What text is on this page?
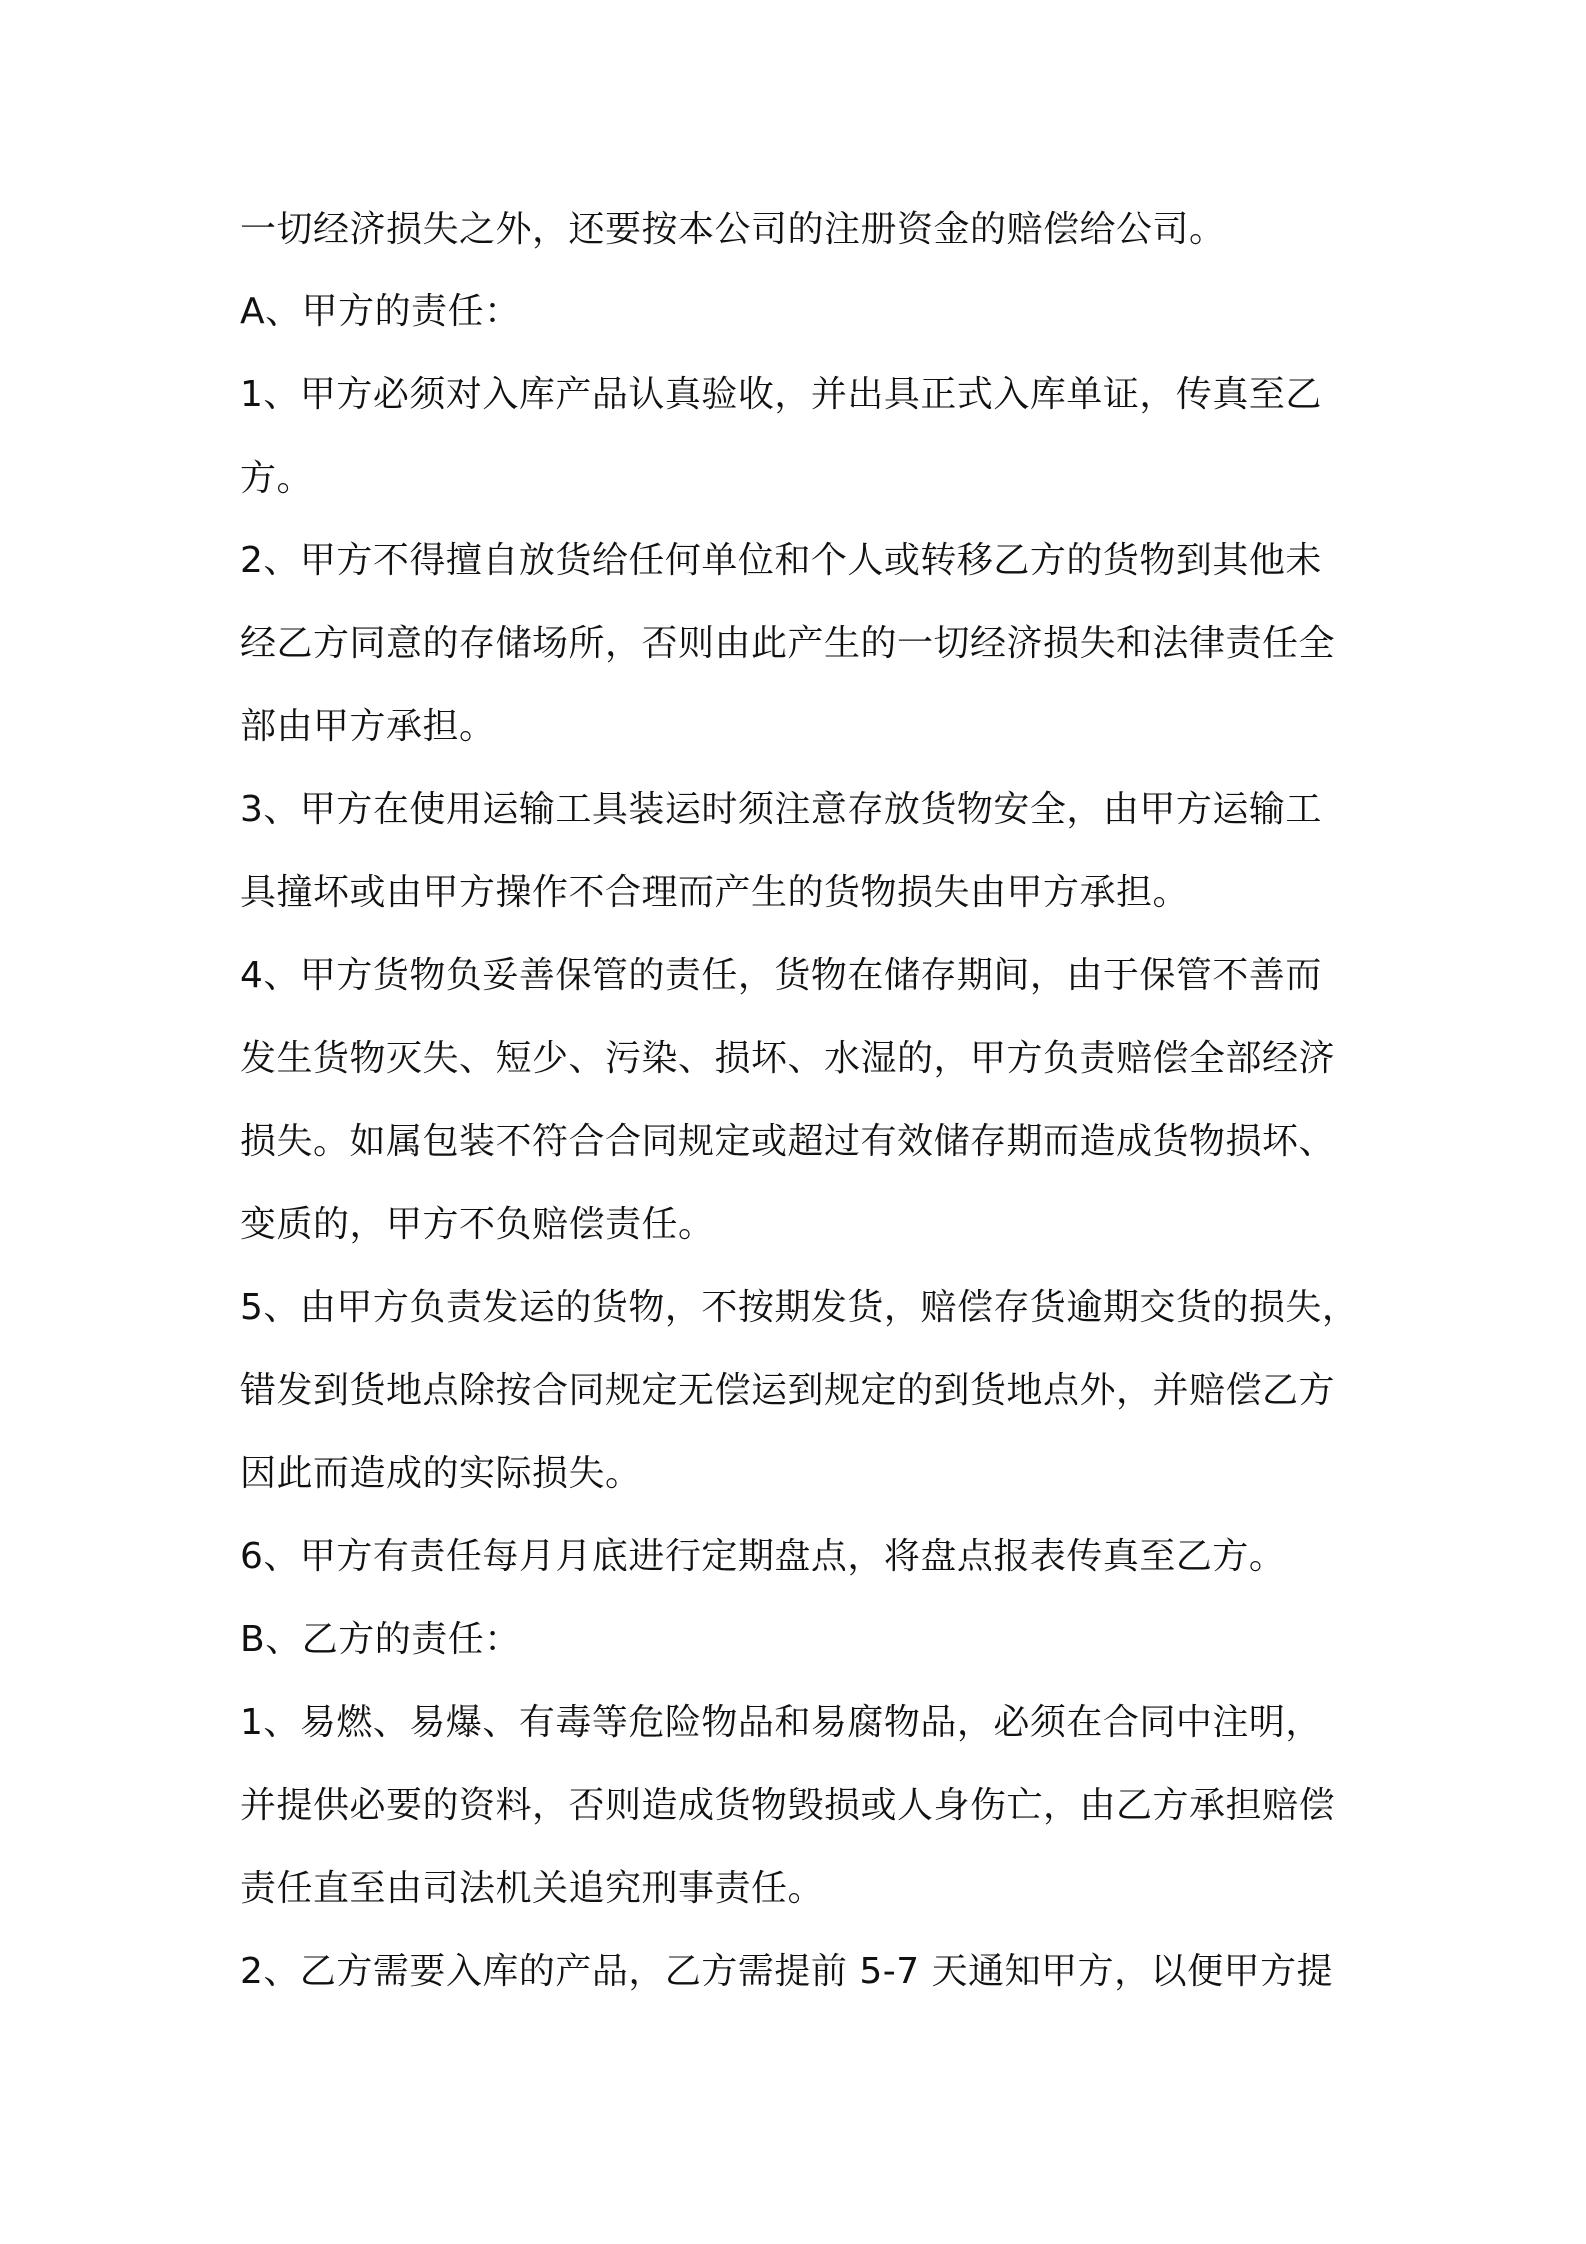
一切经济损失之外，还要按本公司的注册资金的赔偿给公司。
A、甲方的责任：
1、甲方必须对入库产品认真验收，并出具正式入库单证，传真至乙
方。
2、甲方不得擅自放货给任何单位和个人或转移乙方的货物到其他未
经乙方同意的存储场所，否则由此产生的一切经济损失和法律责任全
部由甲方承担。
3、甲方在使用运输工具装运时须注意存放货物安全，由甲方运输工
具撞坏或由甲方操作不合理而产生的货物损失由甲方承担。
4、甲方货物负妥善保管的责任，货物在储存期间，由于保管不善而
发生货物灭失、短少、污染、损坏、水湿的，甲方负责赔偿全部经济
损失。如属包装不符合合同规定或超过有效储存期而造成货物损坏、
变质的，甲方不负赔偿责任。
5、由甲方负责发运的货物，不按期发货，赔偿存货逾期交货的损失，
错发到货地点除按合同规定无偿运到规定的到货地点外，并赔偿乙方
因此而造成的实际损失。
6、甲方有责任每月月底进行定期盘点，将盘点报表传真至乙方。
B、乙方的责任：
1、易燃、易爆、有毒等危险物品和易腐物品，必须在合同中注明，
并提供必要的资料，否则造成货物毁损或人身伤亡，由乙方承担赔偿
责任直至由司法机关追究刑事责任。
2、乙方需要入库的产品，乙方需提前 5-7 天通知甲方，以便甲方提
